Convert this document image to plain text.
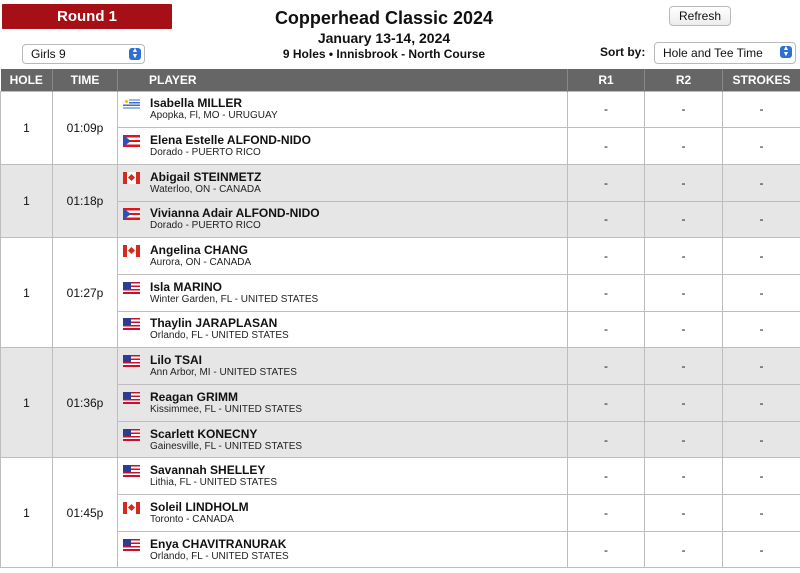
Round 1	Copperhead Classic 2024
January 13-14, 2024
9 Holes • Innisbrook - North Course
Refresh
Girls 9	▲
▼	Sort by: Hole and Tee Time	▲
▼
HOLE	TIME	PLAYER	R1	R2	STROKES
1	01:09p	Isabella MILLER
Apopka, Fl, MO - URUGUAY	-	-	-

		Elena Estelle ALFOND-NIDO
Dorado - PUERTO RICO	-	-	-
1	01:18p	Abigail STEINMETZ
Waterloo, ON - CANADA	-	-	-

		Vivianna Adair ALFOND-NIDO
Dorado - PUERTO RICO	-	-	-
1	01:27p	Angelina CHANG
Aurora, ON - CANADA	-	-	-

		Isla MARINO
Winter Garden, FL - UNITED STATES	-	-	-

		Thaylin JARAPLASAN
Orlando, FL - UNITED STATES	-	-	-
1	01:36p	Lilo TSAI
Ann Arbor, MI - UNITED STATES	-	-	-

		Reagan GRIMM
Kissimmee, FL - UNITED STATES	-	-	-

		Scarlett KONECNY
Gainesville, FL - UNITED STATES	-	-	-
1	01:45p	Savannah SHELLEY
Lithia, FL - UNITED STATES	-	-	-

		Soleil LINDHOLM
Toronto - CANADA	-	-	-

		Enya CHAVITRANURAK
Orlando, FL - UNITED STATES	-	-	-
